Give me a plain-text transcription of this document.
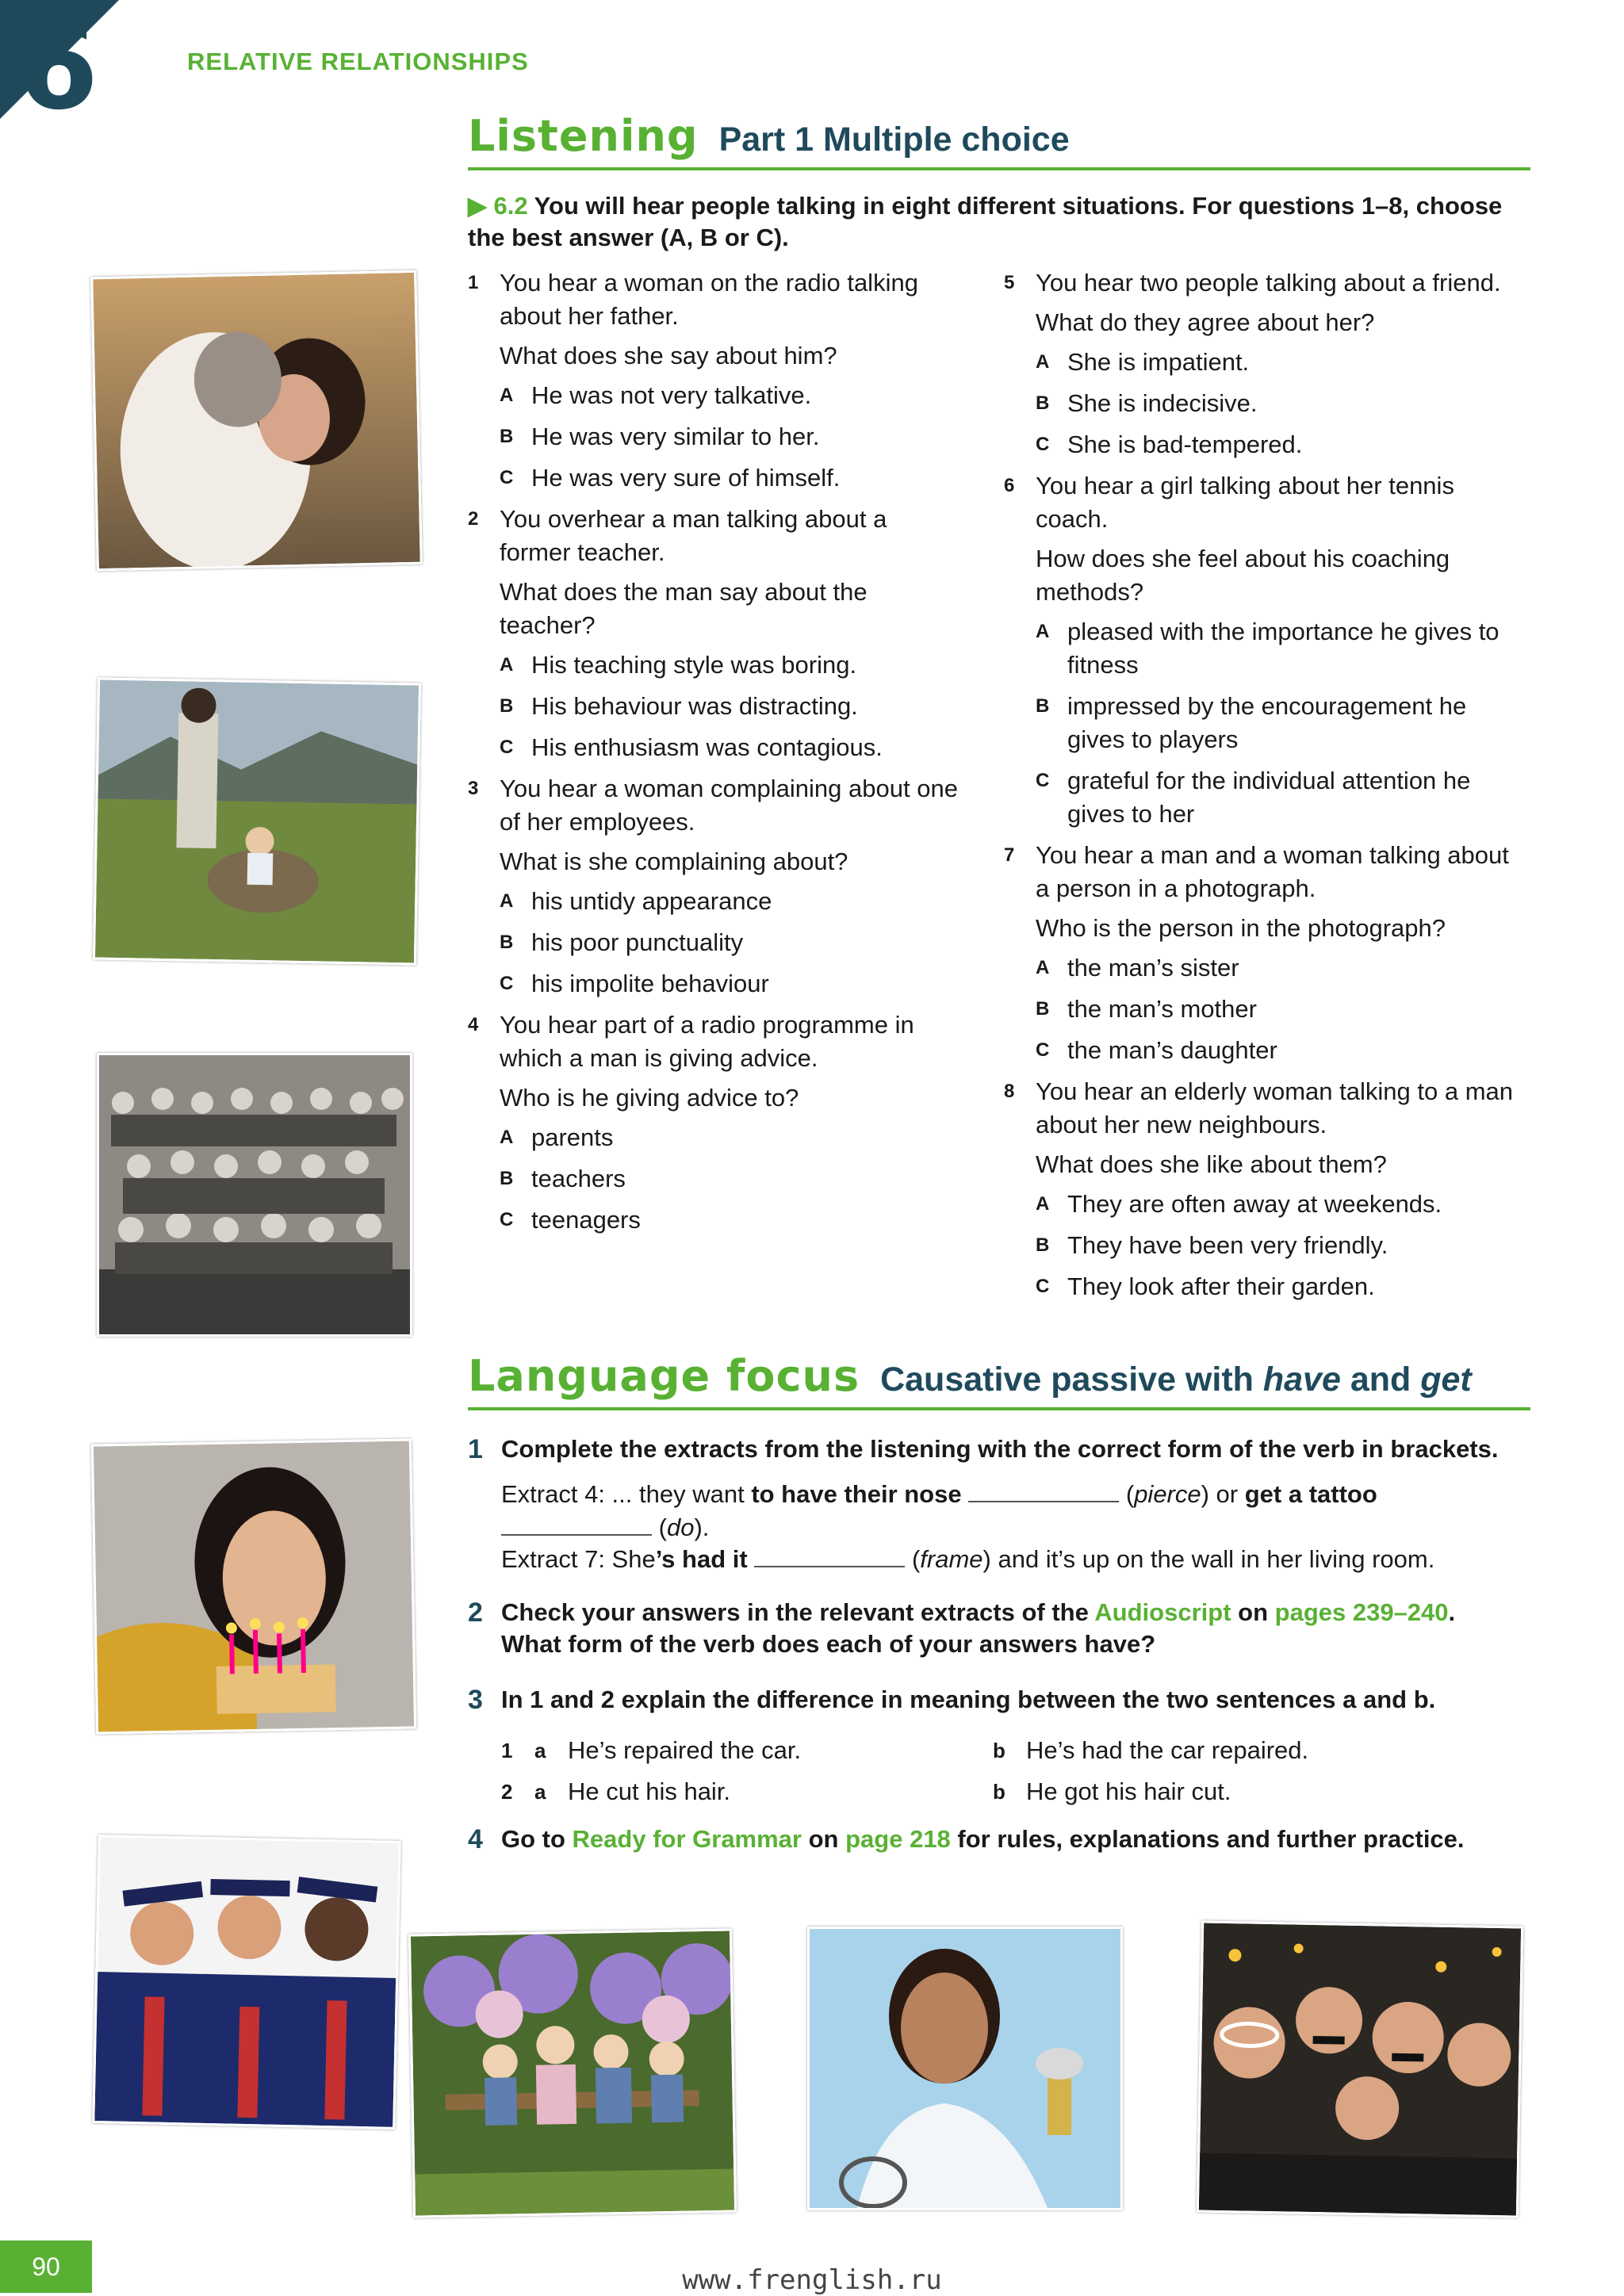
6	RELATIVE RELATIONSHIPS
Listening Part 1 Multiple choice
▶ 6.2 You will hear people talking in eight different situations. For questions 1–8, choose the best answer (A, B or C).
1 You hear a woman on the radio talking about her father.
What does she say about him?
A He was not very talkative.
B He was very similar to her.
C He was very sure of himself.
2 You overhear a man talking about a former teacher.
What does the man say about the teacher?
A His teaching style was boring.
B His behaviour was distracting.
C His enthusiasm was contagious.
3 You hear a woman complaining about one of her employees.
What is she complaining about?
A his untidy appearance
B his poor punctuality
C his impolite behaviour
4 You hear part of a radio programme in which a man is giving advice.
Who is he giving advice to?
A parents
B teachers
C teenagers
5 You hear two people talking about a friend.
What do they agree about her?
A She is impatient.
B She is indecisive.
C She is bad-tempered.
6 You hear a girl talking about her tennis coach.
How does she feel about his coaching methods?
A pleased with the importance he gives to fitness
B impressed by the encouragement he gives to players
C grateful for the individual attention he gives to her
7 You hear a man and a woman talking about a person in a photograph.
Who is the person in the photograph?
A the man’s sister
B the man’s mother
C the man’s daughter
8 You hear an elderly woman talking to a man about her new neighbours.
What does she like about them?
A They are often away at weekends.
B They have been very friendly.
C They look after their garden.
Language focus Causative passive with have and get
1 Complete the extracts from the listening with the correct form of the verb in brackets.
Extract 4: ... they want to have their nose	(pierce) or get a tattoo
(do).
Extract 7: She’s had it	(frame) and it’s up on the wall in her living room.
2 Check your answers in the relevant extracts of the Audioscript on pages 239–240.
What form of the verb does each of your answers have?
3 In 1 and 2 explain the difference in meaning between the two sentences a and b.
1	a He’s repaired the car.	b He’s had the car repaired.
2	a He cut his hair.	b He got his hair cut.
4 Go to Ready for Grammar on page 218 for rules, explanations and further practice.
90	www.frenglish.ru
